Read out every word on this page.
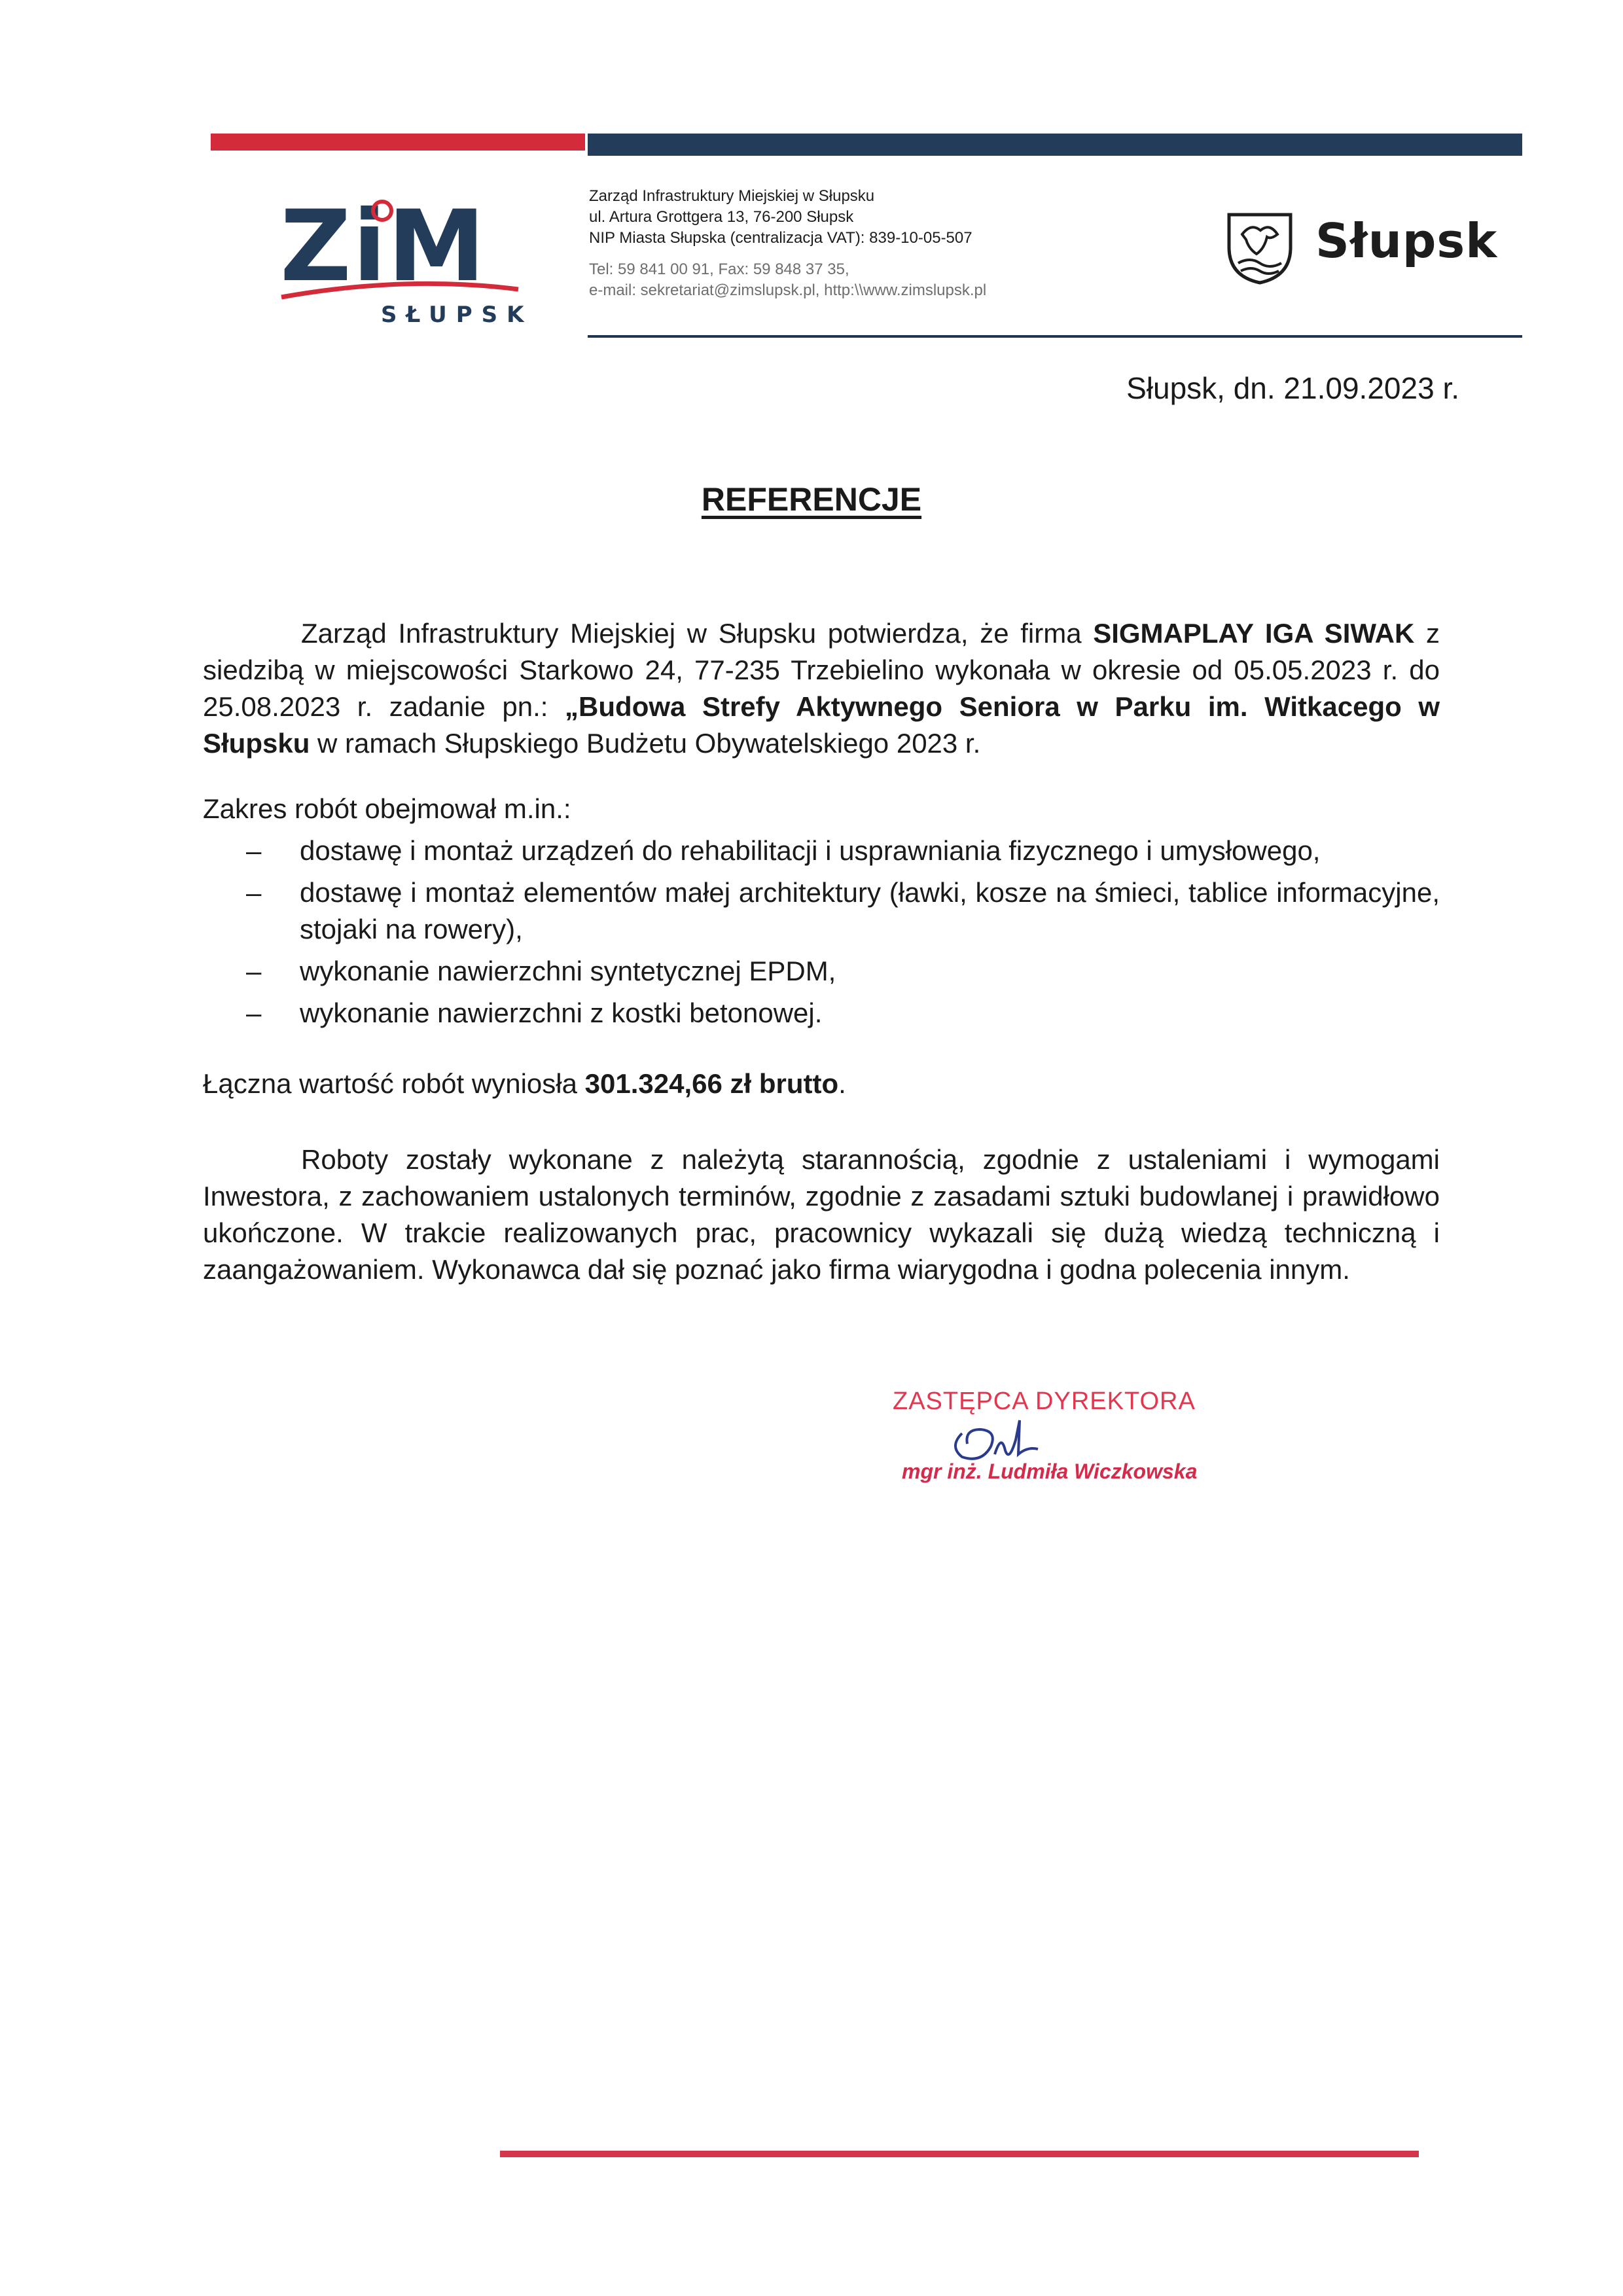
ZiM
SŁUPSK
Zarząd Infrastruktury Miejskiej w Słupsku
ul. Artura Grottgera 13, 76-200 Słupsk
NIP Miasta Słupska (centralizacja VAT): 839-10-05-507
Tel: 59 841 00 91, Fax: 59 848 37 35,
e-mail: sekretariat@zimslupsk.pl, http:\\www.zimslupsk.pl
Słupsk
Słupsk, dn. 21.09.2023 r.
REFERENCJE
Zarząd Infrastruktury Miejskiej w Słupsku potwierdza, że firma SIGMAPLAY IGA SIWAK z siedzibą w miejscowości Starkowo 24, 77-235 Trzebielino wykonała w okresie od 05.05.2023 r. do 25.08.2023 r. zadanie pn.: „Budowa Strefy Aktywnego Seniora w Parku im. Witkacego w Słupsku w ramach Słupskiego Budżetu Obywatelskiego 2023 r.
Zakres robót obejmował m.in.:
– dostawę i montaż urządzeń do rehabilitacji i usprawniania fizycznego i umysłowego,
– dostawę i montaż elementów małej architektury (ławki, kosze na śmieci, tablice informacyjne, stojaki na rowery),
– wykonanie nawierzchni syntetycznej EPDM,
– wykonanie nawierzchni z kostki betonowej.
Łączna wartość robót wyniosła 301.324,66 zł brutto.
Roboty zostały wykonane z należytą starannością, zgodnie z ustaleniami i wymogami Inwestora, z zachowaniem ustalonych terminów, zgodnie z zasadami sztuki budowlanej i prawidłowo ukończone. W trakcie realizowanych prac, pracownicy wykazali się dużą wiedzą techniczną i zaangażowaniem. Wykonawca dał się poznać jako firma wiarygodna i godna polecenia innym.
ZASTĘPCA DYREKTORA
mgr inż. Ludmiła Wiczkowska
